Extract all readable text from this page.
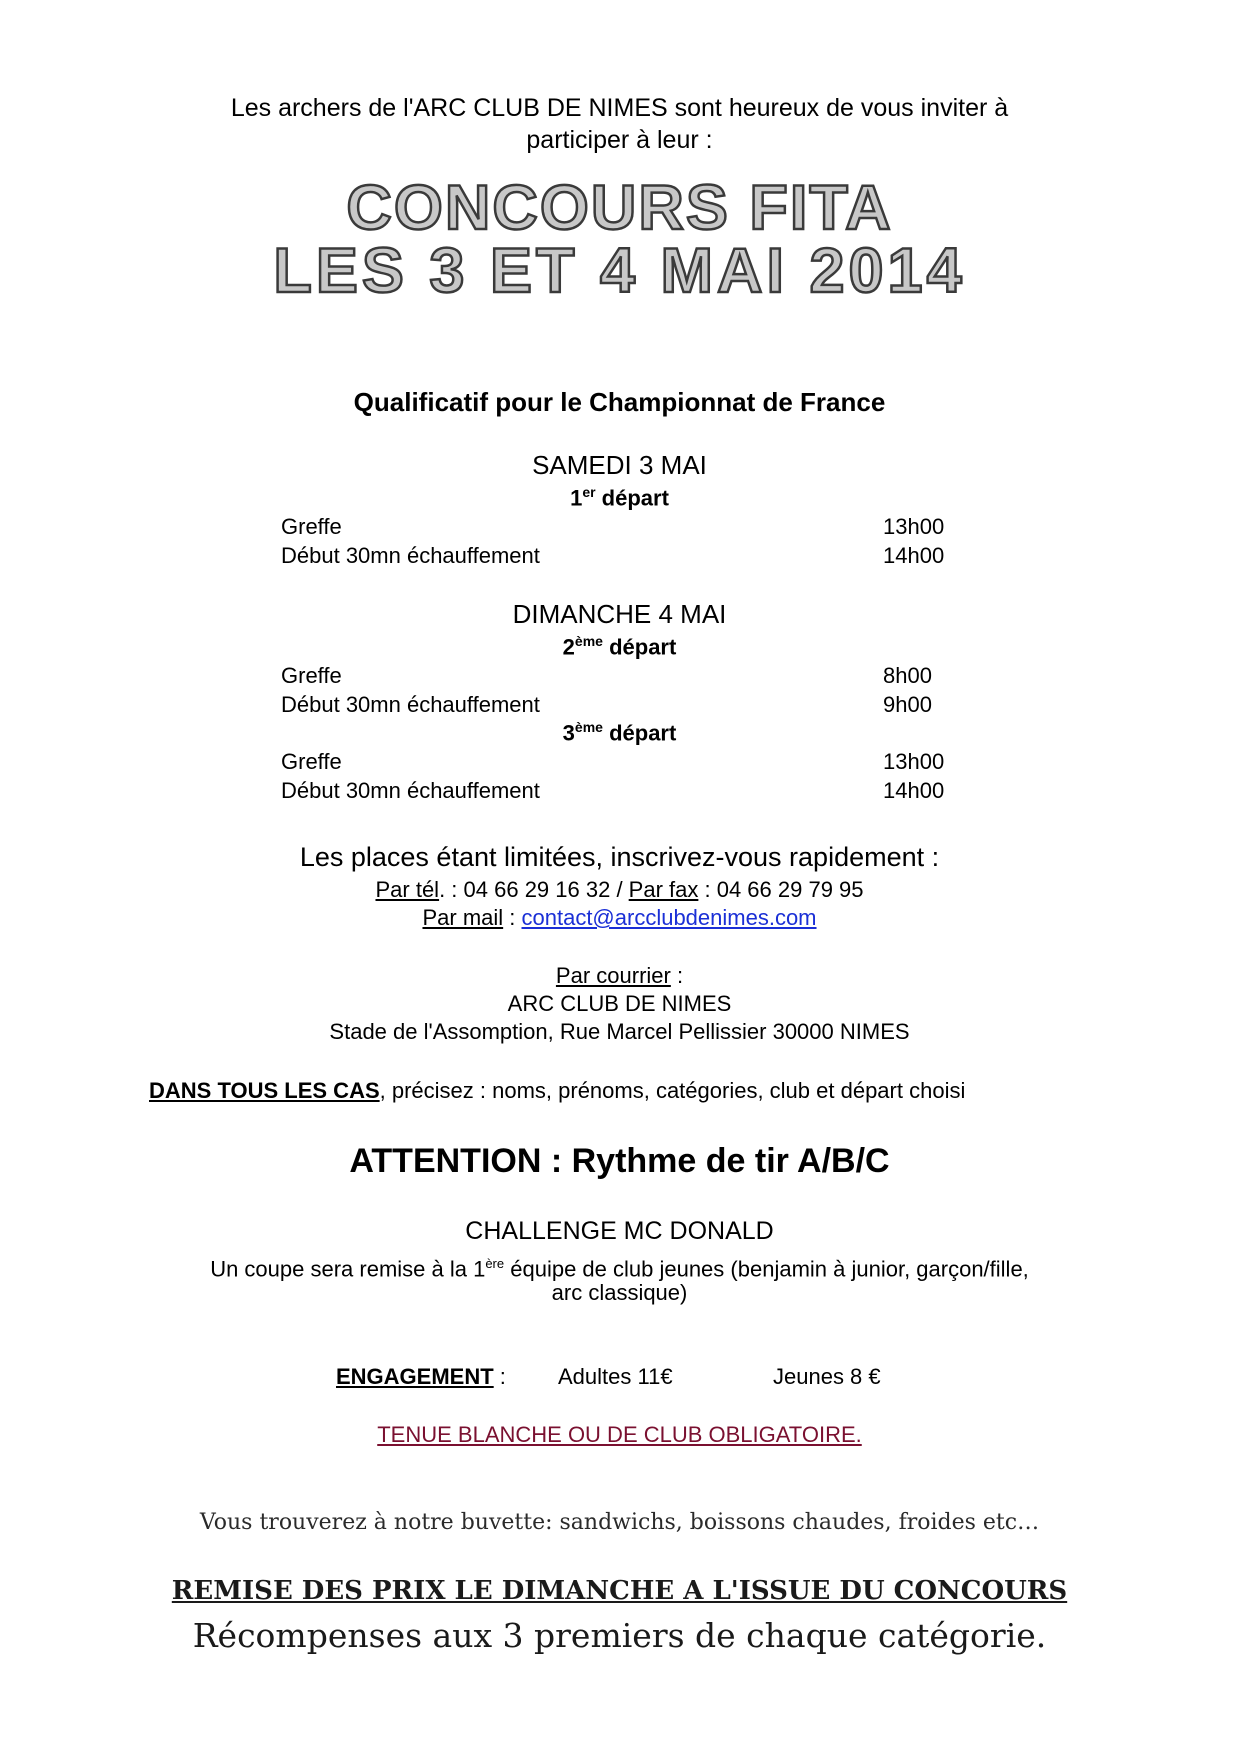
Les archers de l'ARC CLUB DE NIMES sont heureux de vous inviter à
participer à leur :
CONCOURS FITA
LES 3 ET 4 MAI 2014
Qualificatif pour le Championnat de France
SAMEDI 3 MAI
1er départ
Greffe	13h00
Début 30mn échauffement	14h00
DIMANCHE 4 MAI
2ème départ
Greffe	8h00
Début 30mn échauffement	9h00
3ème départ
Greffe	13h00
Début 30mn échauffement	14h00
Les places étant limitées, inscrivez-vous rapidement :
Par tél. : 04 66 29 16 32 / Par fax : 04 66 29 79 95
Par mail : contact@arcclubdenimes.com
Par courrier :
ARC CLUB DE NIMES
Stade de l'Assomption, Rue Marcel Pellissier 30000 NIMES
DANS TOUS LES CAS, précisez : noms, prénoms, catégories, club et départ choisi
ATTENTION : Rythme de tir A/B/C
CHALLENGE MC DONALD
Un coupe sera remise à la 1ère équipe de club jeunes (benjamin à junior, garçon/fille,
arc classique)
ENGAGEMENT : Adultes 11€	Jeunes 8 €
TENUE BLANCHE OU DE CLUB OBLIGATOIRE.
Vous trouverez à notre buvette: sandwichs, boissons chaudes, froides etc…
REMISE DES PRIX LE DIMANCHE A L'ISSUE DU CONCOURS
Récompenses aux 3 premiers de chaque catégorie.
